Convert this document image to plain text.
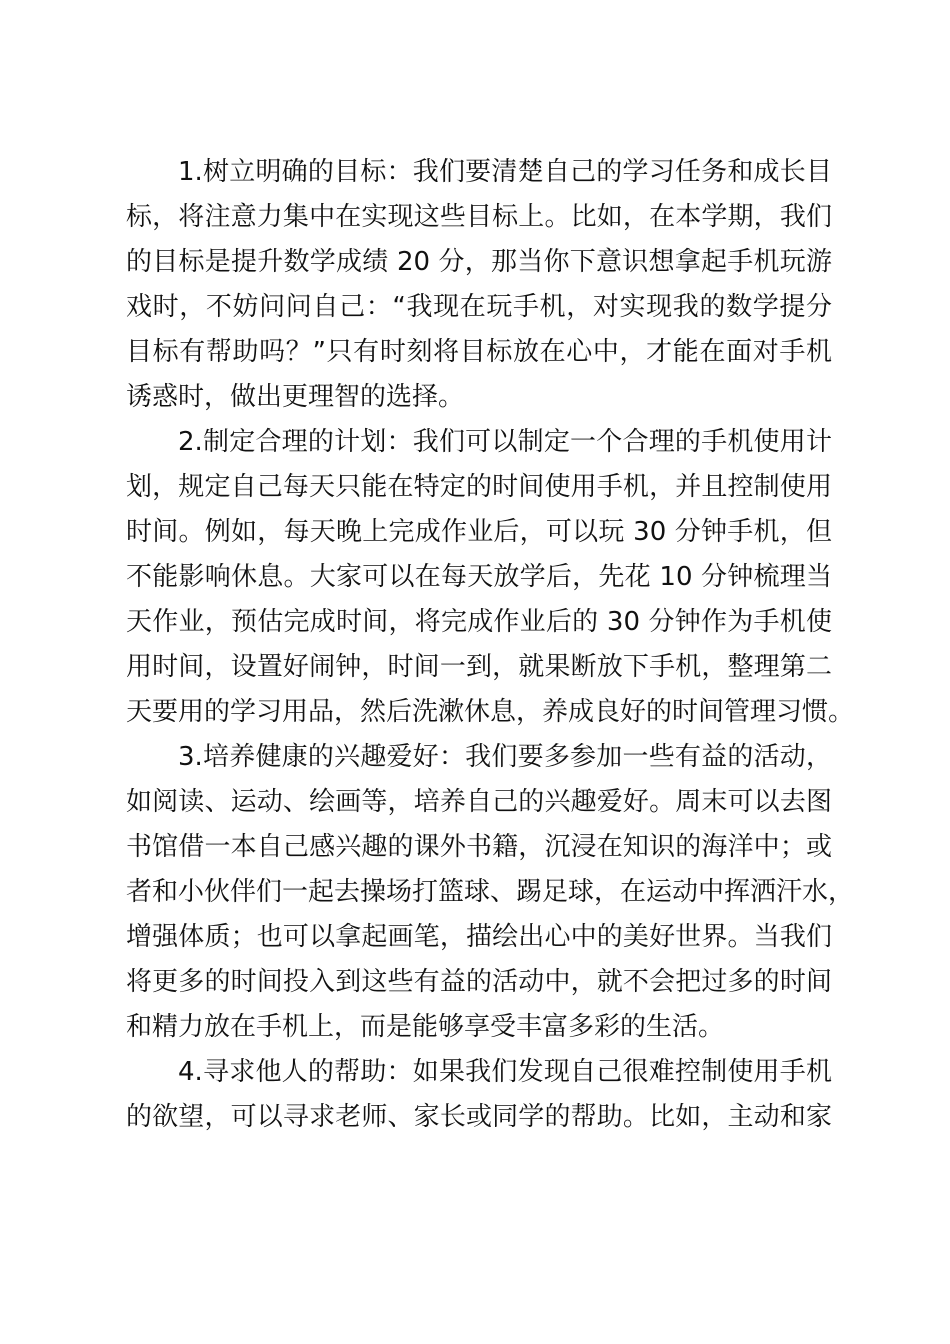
1.树立明确的目标：我们要清楚自己的学习任务和成长目
标，将注意力集中在实现这些目标上。比如，在本学期，我们
的目标是提升数学成绩 20 分，那当你下意识想拿起手机玩游
戏时，不妨问问自己：“我现在玩手机，对实现我的数学提分
目标有帮助吗？”只有时刻将目标放在心中，才能在面对手机
诱惑时，做出更理智的选择。
2.制定合理的计划：我们可以制定一个合理的手机使用计
划，规定自己每天只能在特定的时间使用手机，并且控制使用
时间。例如，每天晚上完成作业后，可以玩 30 分钟手机，但
不能影响休息。大家可以在每天放学后，先花 10 分钟梳理当
天作业，预估完成时间，将完成作业后的 30 分钟作为手机使
用时间，设置好闹钟，时间一到，就果断放下手机，整理第二
天要用的学习用品，然后洗漱休息，养成良好的时间管理习惯。
3.培养健康的兴趣爱好：我们要多参加一些有益的活动，
如阅读、运动、绘画等，培养自己的兴趣爱好。周末可以去图
书馆借一本自己感兴趣的课外书籍，沉浸在知识的海洋中；或
者和小伙伴们一起去操场打篮球、踢足球，在运动中挥洒汗水，
增强体质；也可以拿起画笔，描绘出心中的美好世界。当我们
将更多的时间投入到这些有益的活动中，就不会把过多的时间
和精力放在手机上，而是能够享受丰富多彩的生活。
4.寻求他人的帮助：如果我们发现自己很难控制使用手机
的欲望，可以寻求老师、家长或同学的帮助。比如，主动和家
